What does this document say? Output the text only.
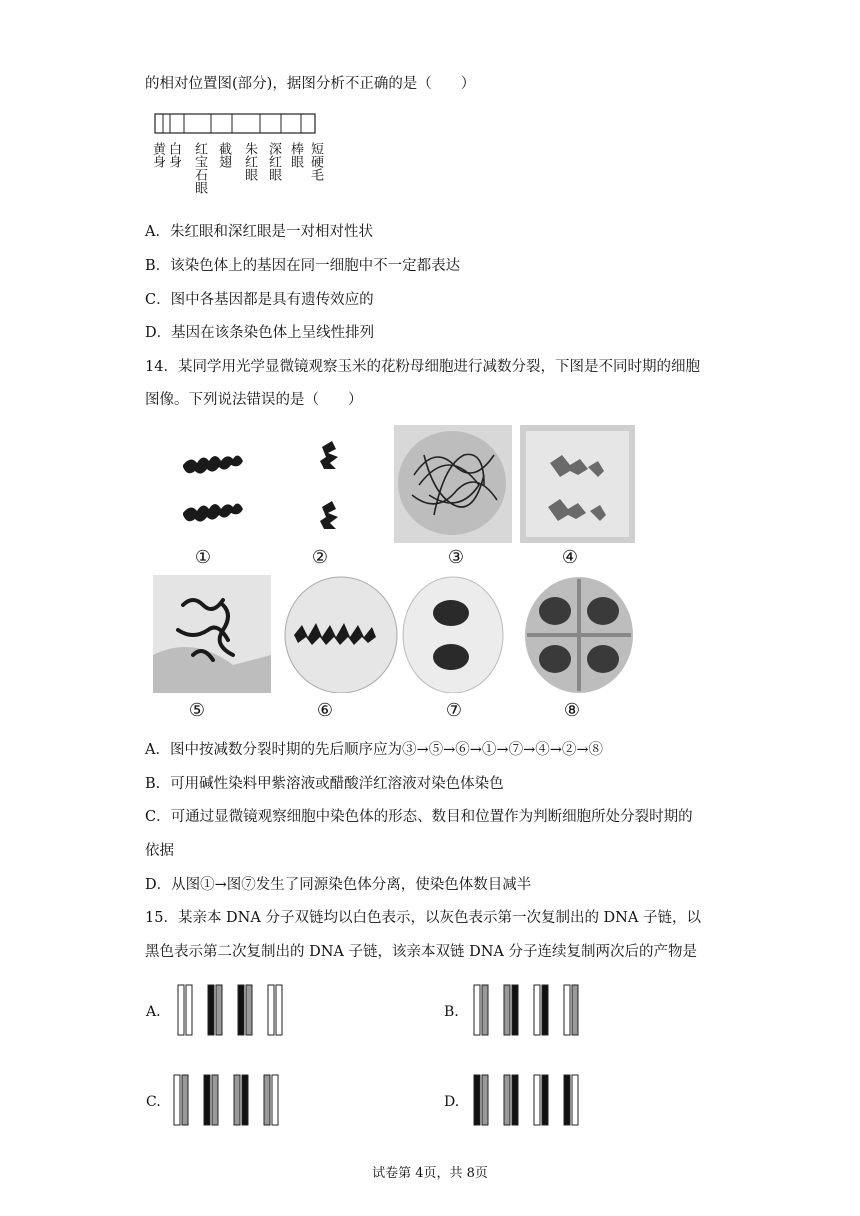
的相对位置图(部分)，据图分析不正确的是（　　）
黄身 白身 红宝石眼 截翅 朱红眼 深红眼 棒眼 短硬毛
A．朱红眼和深红眼是一对相对性状
B．该染色体上的基因在同一细胞中不一定都表达
C．图中各基因都是具有遗传效应的
D．基因在该条染色体上呈线性排列
14．某同学用光学显微镜观察玉米的花粉母细胞进行减数分裂，下图是不同时期的细胞
图像。下列说法错误的是（　　）
①	②	③	④
⑤	⑥	⑦	⑧
A．图中按减数分裂时期的先后顺序应为③→⑤→⑥→①→⑦→④→②→⑧
B．可用碱性染料甲紫溶液或醋酸洋红溶液对染色体染色
C．可通过显微镜观察细胞中染色体的形态、数目和位置作为判断细胞所处分裂时期的
依据
D．从图①→图⑦发生了同源染色体分离，使染色体数目减半
15．某亲本 DNA 分子双链均以白色表示，以灰色表示第一次复制出的 DNA 子链，以
黑色表示第二次复制出的 DNA 子链，该亲本双链 DNA 分子连续复制两次后的产物是
A.	B.
C.	D.
试卷第 4页，共 8页
